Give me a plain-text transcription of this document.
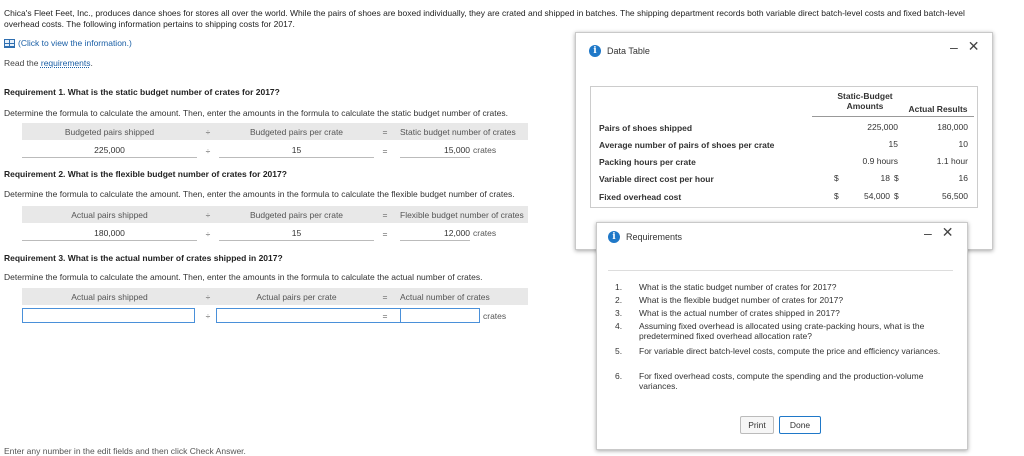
Chica's Fleet Feet, Inc., produces dance shoes for stores all over the world. While the pairs of shoes are boxed individually, they are crated and shipped in batches. The shipping department records both variable direct batch-level costs and fixed batch-level overhead costs. The following information pertains to shipping costs for 2017.
(Click to view the information.)
Read the requirements.
Requirement 1. What is the static budget number of crates for 2017?
Determine the formula to calculate the amount. Then, enter the amounts in the formula to calculate the static budget number of crates.
Budgeted pairs shipped	÷	Budgeted pairs per crate	=	Static budget number of crates
225,000	÷	15	=	15,000 crates
Requirement 2. What is the flexible budget number of crates for 2017?
Determine the formula to calculate the amount. Then, enter the amounts in the formula to calculate the flexible budget number of crates.
Actual pairs shipped	÷	Budgeted pairs per crate	=	Flexible budget number of crates
180,000	÷	15	=	12,000 crates
Requirement 3. What is the actual number of crates shipped in 2017?
Determine the formula to calculate the amount. Then, enter the amounts in the formula to calculate the actual number of crates.
Actual pairs shipped	÷	Actual pairs per crate	=	Actual number of crates
÷	=	crates
Enter any number in the edit fields and then click Check Answer.
i	Data Table	– ✕
Static-Budget
Amounts	Actual Results
Pairs of shoes shipped	225,000	180,000
Average number of pairs of shoes per crate	15	10
Packing hours per crate	0.9 hours	1.1 hour
Variable direct cost per hour	$	18 $	16
Fixed overhead cost	$	54,000 $	56,500
i	Requirements	– ✕
1.	What is the static budget number of crates for 2017?
2.	What is the flexible budget number of crates for 2017?
3.	What is the actual number of crates shipped in 2017?
4.	Assuming fixed overhead is allocated using crate-packing hours, what is the predetermined fixed overhead allocation rate?
5.	For variable direct batch-level costs, compute the price and efficiency variances.
6.	For fixed overhead costs, compute the spending and the production-volume variances.
Print	Done
